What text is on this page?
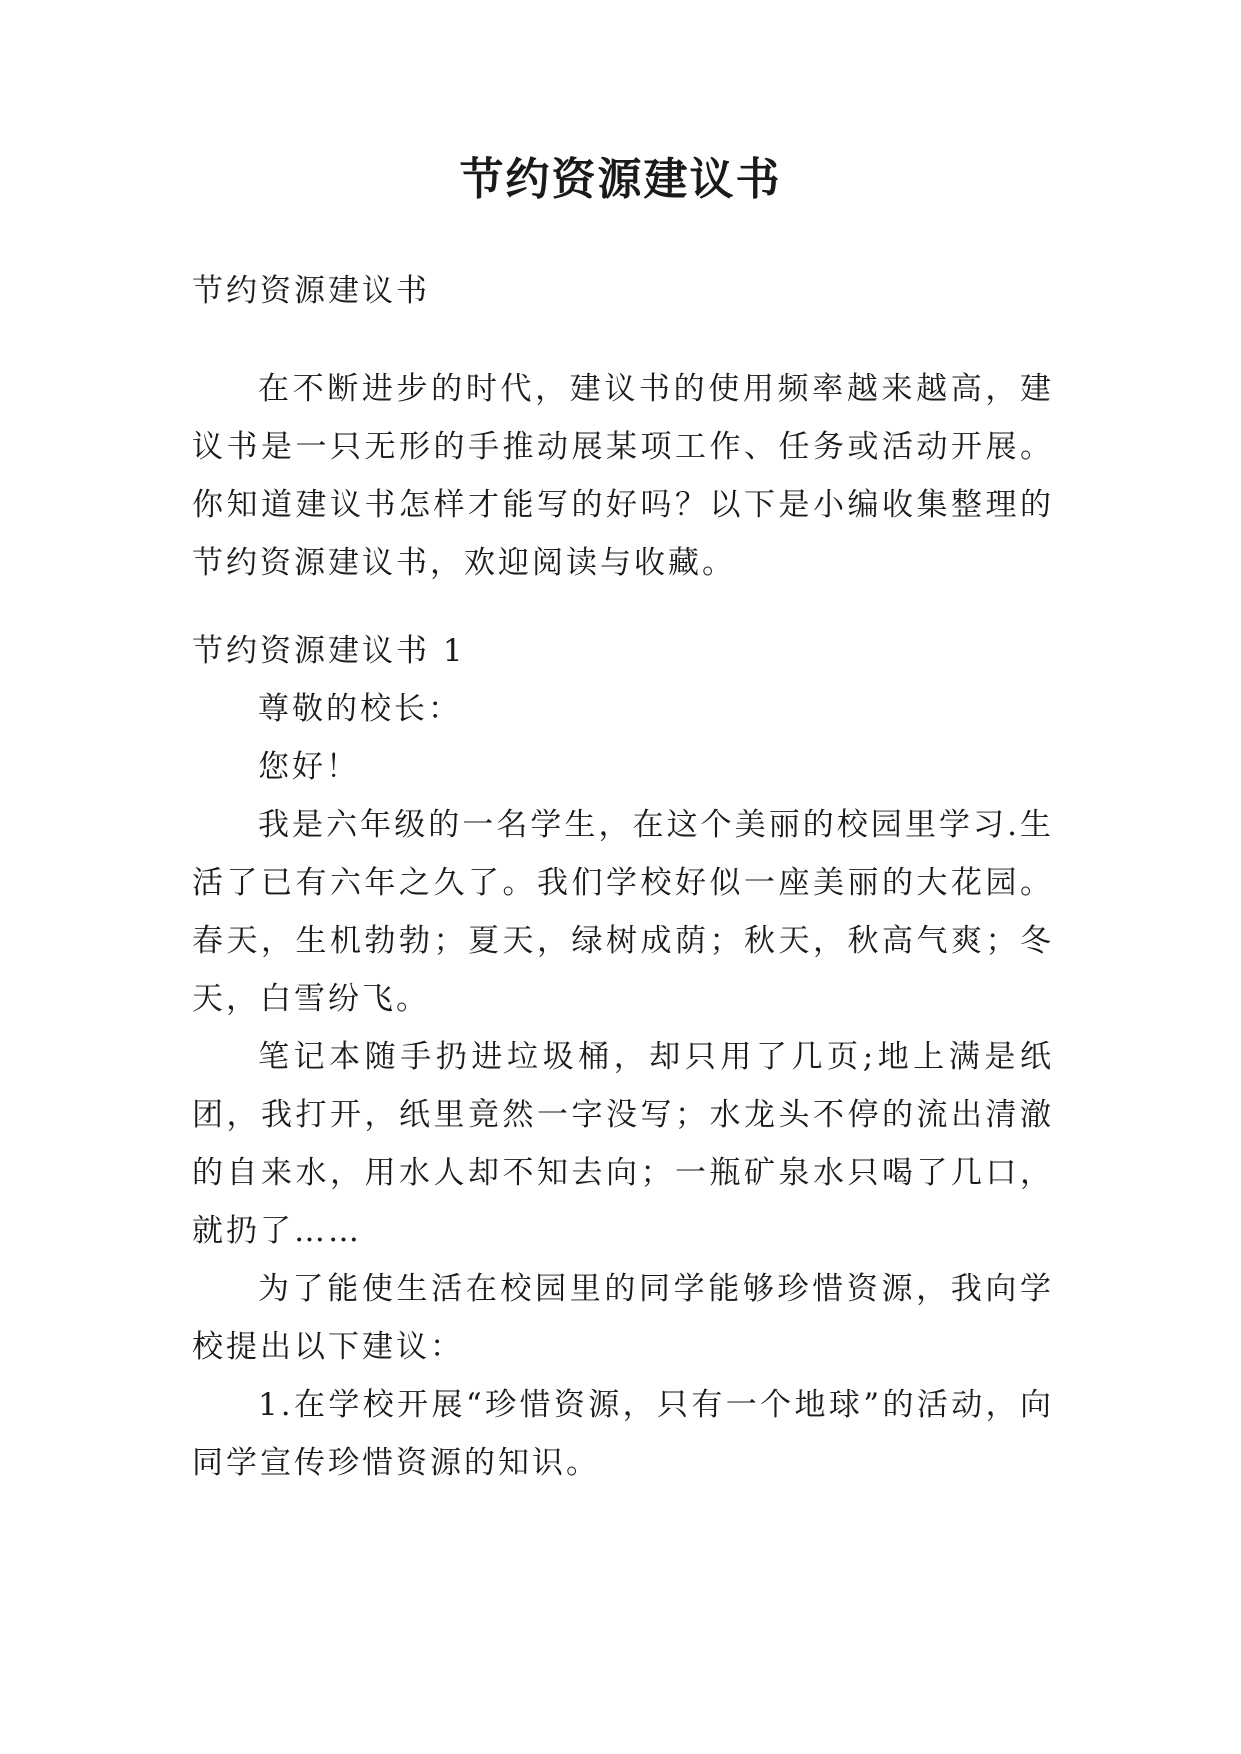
节约资源建议书

节约资源建议书

在不断进步的时代，建议书的使用频率越来越高，建议书是一只无形的手推动展某项工作、任务或活动开展。你知道建议书怎样才能写的好吗？以下是小编收集整理的节约资源建议书，欢迎阅读与收藏。

节约资源建议书 1

尊敬的校长：

您好！

我是六年级的一名学生，在这个美丽的校园里学习.生活了已有六年之久了。我们学校好似一座美丽的大花园。春天，生机勃勃；夏天，绿树成荫；秋天，秋高气爽；冬天，白雪纷飞。

笔记本随手扔进垃圾桶，却只用了几页;地上满是纸团，我打开，纸里竟然一字没写；水龙头不停的流出清澈的自来水，用水人却不知去向；一瓶矿泉水只喝了几口，就扔了……

为了能使生活在校园里的同学能够珍惜资源，我向学校提出以下建议：

1.在学校开展“珍惜资源，只有一个地球”的活动，向同学宣传珍惜资源的知识。
